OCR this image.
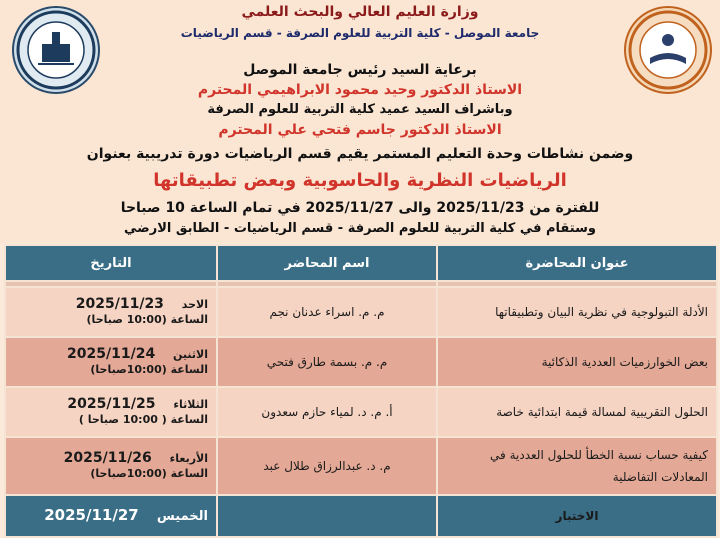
وزارة العليم العالي والبحث العلمي
جامعة الموصل - كلية التربية للعلوم الصرفة - قسم الرياضيات
برعاية السيد رئيس جامعة الموصل
الاستاذ الدكتور وحيد محمود الابراهيمي المحترم
وباشراف السيد عميد كلية التربية للعلوم الصرفة
الاستاذ الدكتور جاسم فتحي علي المحترم
وضمن نشاطات وحدة التعليم المستمر يقيم قسم الرياضيات دورة تدريبية بعنوان
الرياضيات النظرية والحاسوبية وبعض تطبيقاتها
للفترة من 2025/11/23 والى 2025/11/27 في تمام الساعة 10 صباحا
وستقام في كلية التربية للعلوم الصرفة - قسم الرياضيات - الطابق الارضي
عنوان المحاضرة	اسم المحاضر	التاريخ

الأدلة التبولوجية في نظرية البيان وتطبيقاتها	م. م. اسراء عدنان نجم	الاحد 2025/11/23
الساعة (10:00 صباحا)

بعض الخوارزميات العددية الذكائية	م. م. بسمة طارق فتحي	الاثنين 2025/11/24
الساعة (10:00صباحا)

الحلول التقريبية لمسالة قيمة ابتدائية خاصة	أ. م. د. لمياء حازم سعدون	الثلاثاء 2025/11/25
الساعة ( 10:00 صباحا )

كيفية حساب نسبة الخطأ للحلول العددية في المعادلات التفاضلية	م. د. عبدالرزاق طلال عبد	الأربعاء 2025/11/26
الساعة (10:00صباحا)

الاختبار		الخميس 2025/11/27
